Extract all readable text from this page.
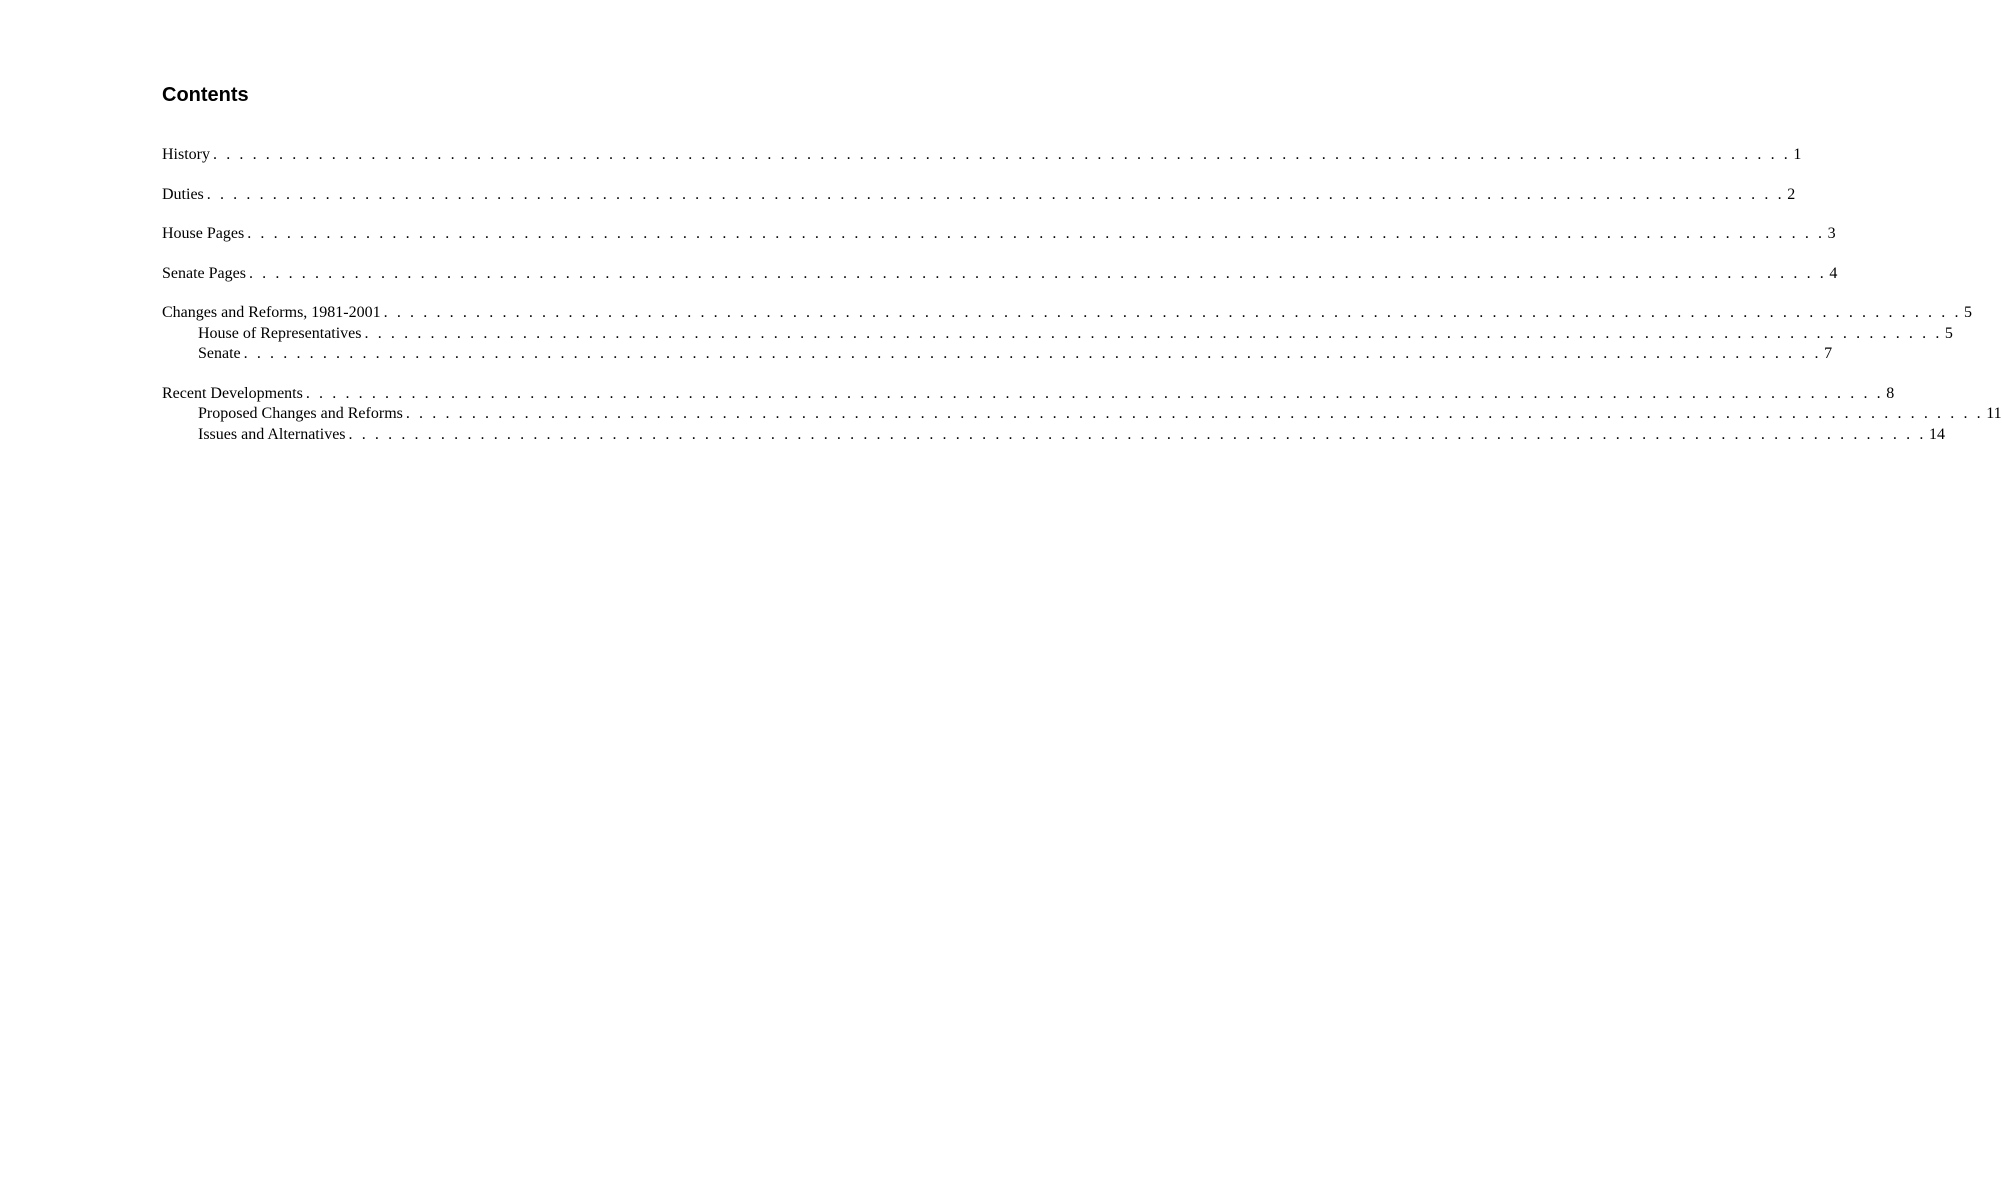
Contents
History . . . . . . . . . . . . . . . . . . . . . . . . . . . . . . . . . . . . . . . . . . . . . . . . . . . . . . . . . . . . . . . . . . . . . . . . . . . . . . . . . . . . . . . . . . . . . . . . . . . . . . . . . . . . . . . . . . . . . . . . 1
Duties . . . . . . . . . . . . . . . . . . . . . . . . . . . . . . . . . . . . . . . . . . . . . . . . . . . . . . . . . . . . . . . . . . . . . . . . . . . . . . . . . . . . . . . . . . . . . . . . . . . . . . . . . . . . . . . . . . . . . . . . 2
House Pages . . . . . . . . . . . . . . . . . . . . . . . . . . . . . . . . . . . . . . . . . . . . . . . . . . . . . . . . . . . . . . . . . . . . . . . . . . . . . . . . . . . . . . . . . . . . . . . . . . . . . . . . . . . . . . . . . . . . . . . . 3
Senate Pages . . . . . . . . . . . . . . . . . . . . . . . . . . . . . . . . . . . . . . . . . . . . . . . . . . . . . . . . . . . . . . . . . . . . . . . . . . . . . . . . . . . . . . . . . . . . . . . . . . . . . . . . . . . . . . . . . . . . . . . . 4
Changes and Reforms, 1981-2001 . . . . . . . . . . . . . . . . . . . . . . . . . . . . . . . . . . . . . . . . . . . . . . . . . . . . . . . . . . . . . . . . . . . . . . . . . . . . . . . . . . . . . . . . . . . . . . . . . . . . . . . . . . . . . . . . . . . . . . . . 5
House of Representatives . . . . . . . . . . . . . . . . . . . . . . . . . . . . . . . . . . . . . . . . . . . . . . . . . . . . . . . . . . . . . . . . . . . . . . . . . . . . . . . . . . . . . . . . . . . . . . . . . . . . . . . . . . . . . . . . . . . . . . . . 5
Senate . . . . . . . . . . . . . . . . . . . . . . . . . . . . . . . . . . . . . . . . . . . . . . . . . . . . . . . . . . . . . . . . . . . . . . . . . . . . . . . . . . . . . . . . . . . . . . . . . . . . . . . . . . . . . . . . . . . . . . . . 7
Recent Developments . . . . . . . . . . . . . . . . . . . . . . . . . . . . . . . . . . . . . . . . . . . . . . . . . . . . . . . . . . . . . . . . . . . . . . . . . . . . . . . . . . . . . . . . . . . . . . . . . . . . . . . . . . . . . . . . . . . . . . . . 8
Proposed Changes and Reforms . . . . . . . . . . . . . . . . . . . . . . . . . . . . . . . . . . . . . . . . . . . . . . . . . . . . . . . . . . . . . . . . . . . . . . . . . . . . . . . . . . . . . . . . . . . . . . . . . . . . . . . . . . . . . . . . . . . . . . . . 11
Issues and Alternatives . . . . . . . . . . . . . . . . . . . . . . . . . . . . . . . . . . . . . . . . . . . . . . . . . . . . . . . . . . . . . . . . . . . . . . . . . . . . . . . . . . . . . . . . . . . . . . . . . . . . . . . . . . . . . . . . . . . . . . . . 14
